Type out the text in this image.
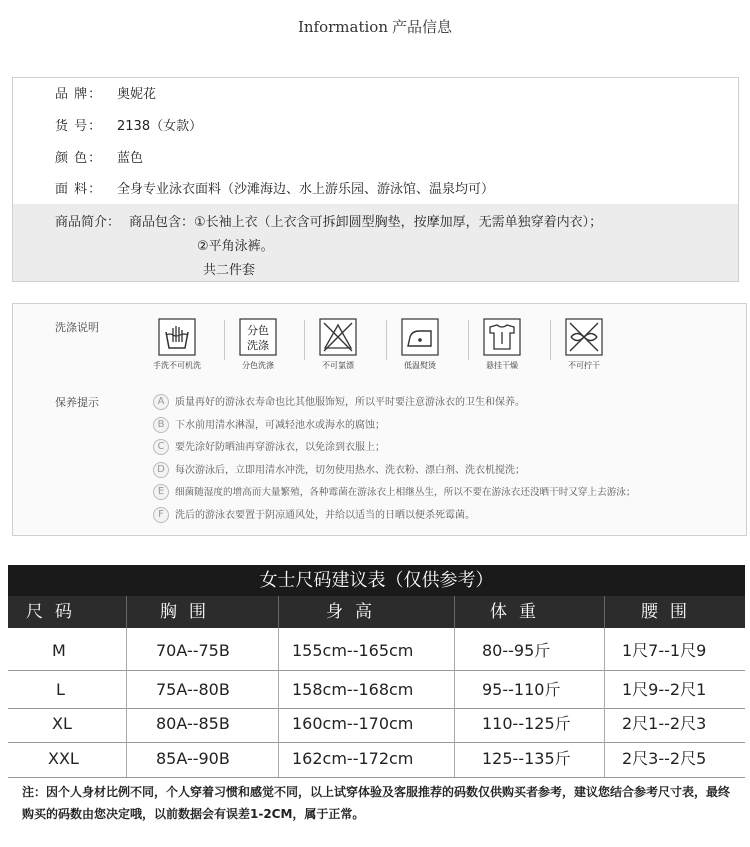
Information 产品信息
品 牌： 奥妮花
货 号： 2138（女款）
颜 色： 蓝色
面 料： 全身专业泳衣面料（沙滩海边、水上游乐园、游泳馆、温泉均可）
商品简介： 商品包含：①长袖上衣（上衣含可拆卸圆型胸垫，按摩加厚，无需单独穿着内衣）；
②平角泳裤。
共二件套
洗涤说明
手洗不可机洗
分色
洗涤
分色洗涤	不可氯漂	低温熨烫	悬挂干燥	不可拧干
保养提示	A 质量再好的游泳衣寿命也比其他服饰短，所以平时要注意游泳衣的卫生和保养。
B 下水前用清水淋湿，可减轻池水或海水的腐蚀；
C 要先涂好防晒油再穿游泳衣，以免涂到衣服上；
D 每次游泳后，立即用清水冲洗，切勿使用热水、洗衣粉、漂白剂、洗衣机搅洗；
E 细菌随湿度的增高而大量繁殖，各种霉菌在游泳衣上相继丛生，所以不要在游泳衣还没晒干时又穿上去游泳；
F 洗后的游泳衣要置于阴凉通风处，并给以适当的日晒以便杀死霉菌。
女士尺码建议表（仅供参考）
尺码	胸围	身高	体重	腰围
M	70A--75B	155cm--165cm	80--95斤	1尺7--1尺9
L	75A--80B	158cm--168cm	95--110斤	1尺9--2尺1
XL	80A--85B	160cm--170cm	110--125斤	2尺1--2尺3
XXL	85A--90B	162cm--172cm	125--135斤	2尺3--2尺5
注：因个人身材比例不同，个人穿着习惯和感觉不同，以上试穿体验及客服推荐的码数仅供购买者参考，建议您结合参考尺寸表，最终购买的码数由您决定哦，以前数据会有误差1-2CM，属于正常。
